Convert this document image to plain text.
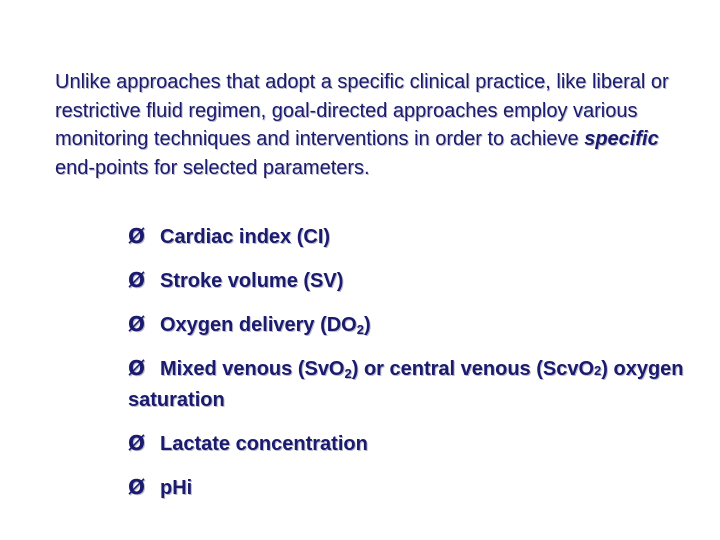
Unlike approaches that adopt a specific clinical practice, like liberal or restrictive fluid regimen, goal-directed approaches employ various monitoring techniques and interventions in order to achieve specific end-points for selected parameters.

Ø Cardiac index (CI)
Ø Stroke volume (SV)
Ø Oxygen delivery $(DO_2)$
Ø Mixed venous (SvO$_2$) or central venous (ScvO2) oxygen saturation
Ø Lactate concentration
Ø pHi
